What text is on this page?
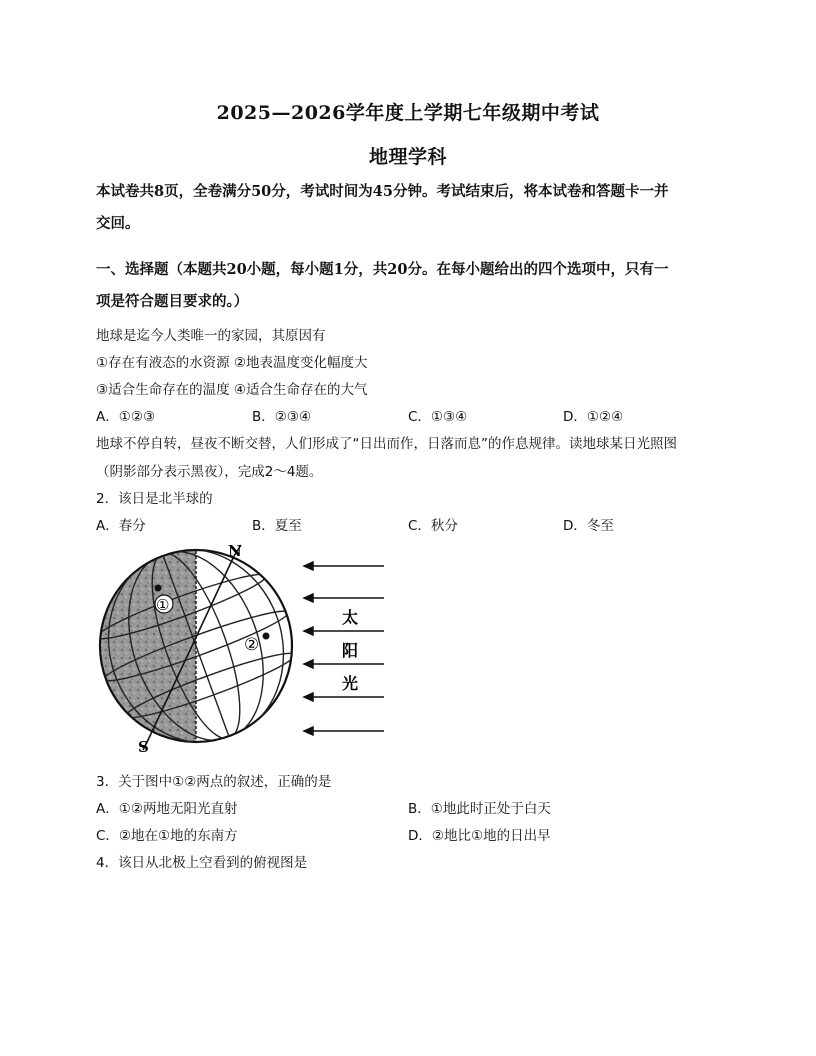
2025—2026学年度上学期七年级期中考试
地理学科
本试卷共8页，全卷满分50分，考试时间为45分钟。考试结束后，将本试卷和答题卡一并
交回。
一、选择题（本题共20小题，每小题1分，共20分。在每小题给出的四个选项中，只有一
项是符合题目要求的。）
地球是迄今人类唯一的家园，其原因有
①存在有液态的水资源 ②地表温度变化幅度大
③适合生命存在的温度 ④适合生命存在的大气
A．①②③	B．②③④	C．①③④	D．①②④
地球不停自转，昼夜不断交替，人们形成了“日出而作，日落而息”的作息规律。读地球某日光照图
（阴影部分表示黑夜），完成2～4题。
2．该日是北半球的
A．春分	B．夏至	C．秋分	D．冬至
N
S
①
②
太
阳
光
3．关于图中①②两点的叙述，正确的是
A．①②两地无阳光直射	B．①地此时正处于白天
C．②地在①地的东南方	D．②地比①地的日出早
4．该日从北极上空看到的俯视图是
